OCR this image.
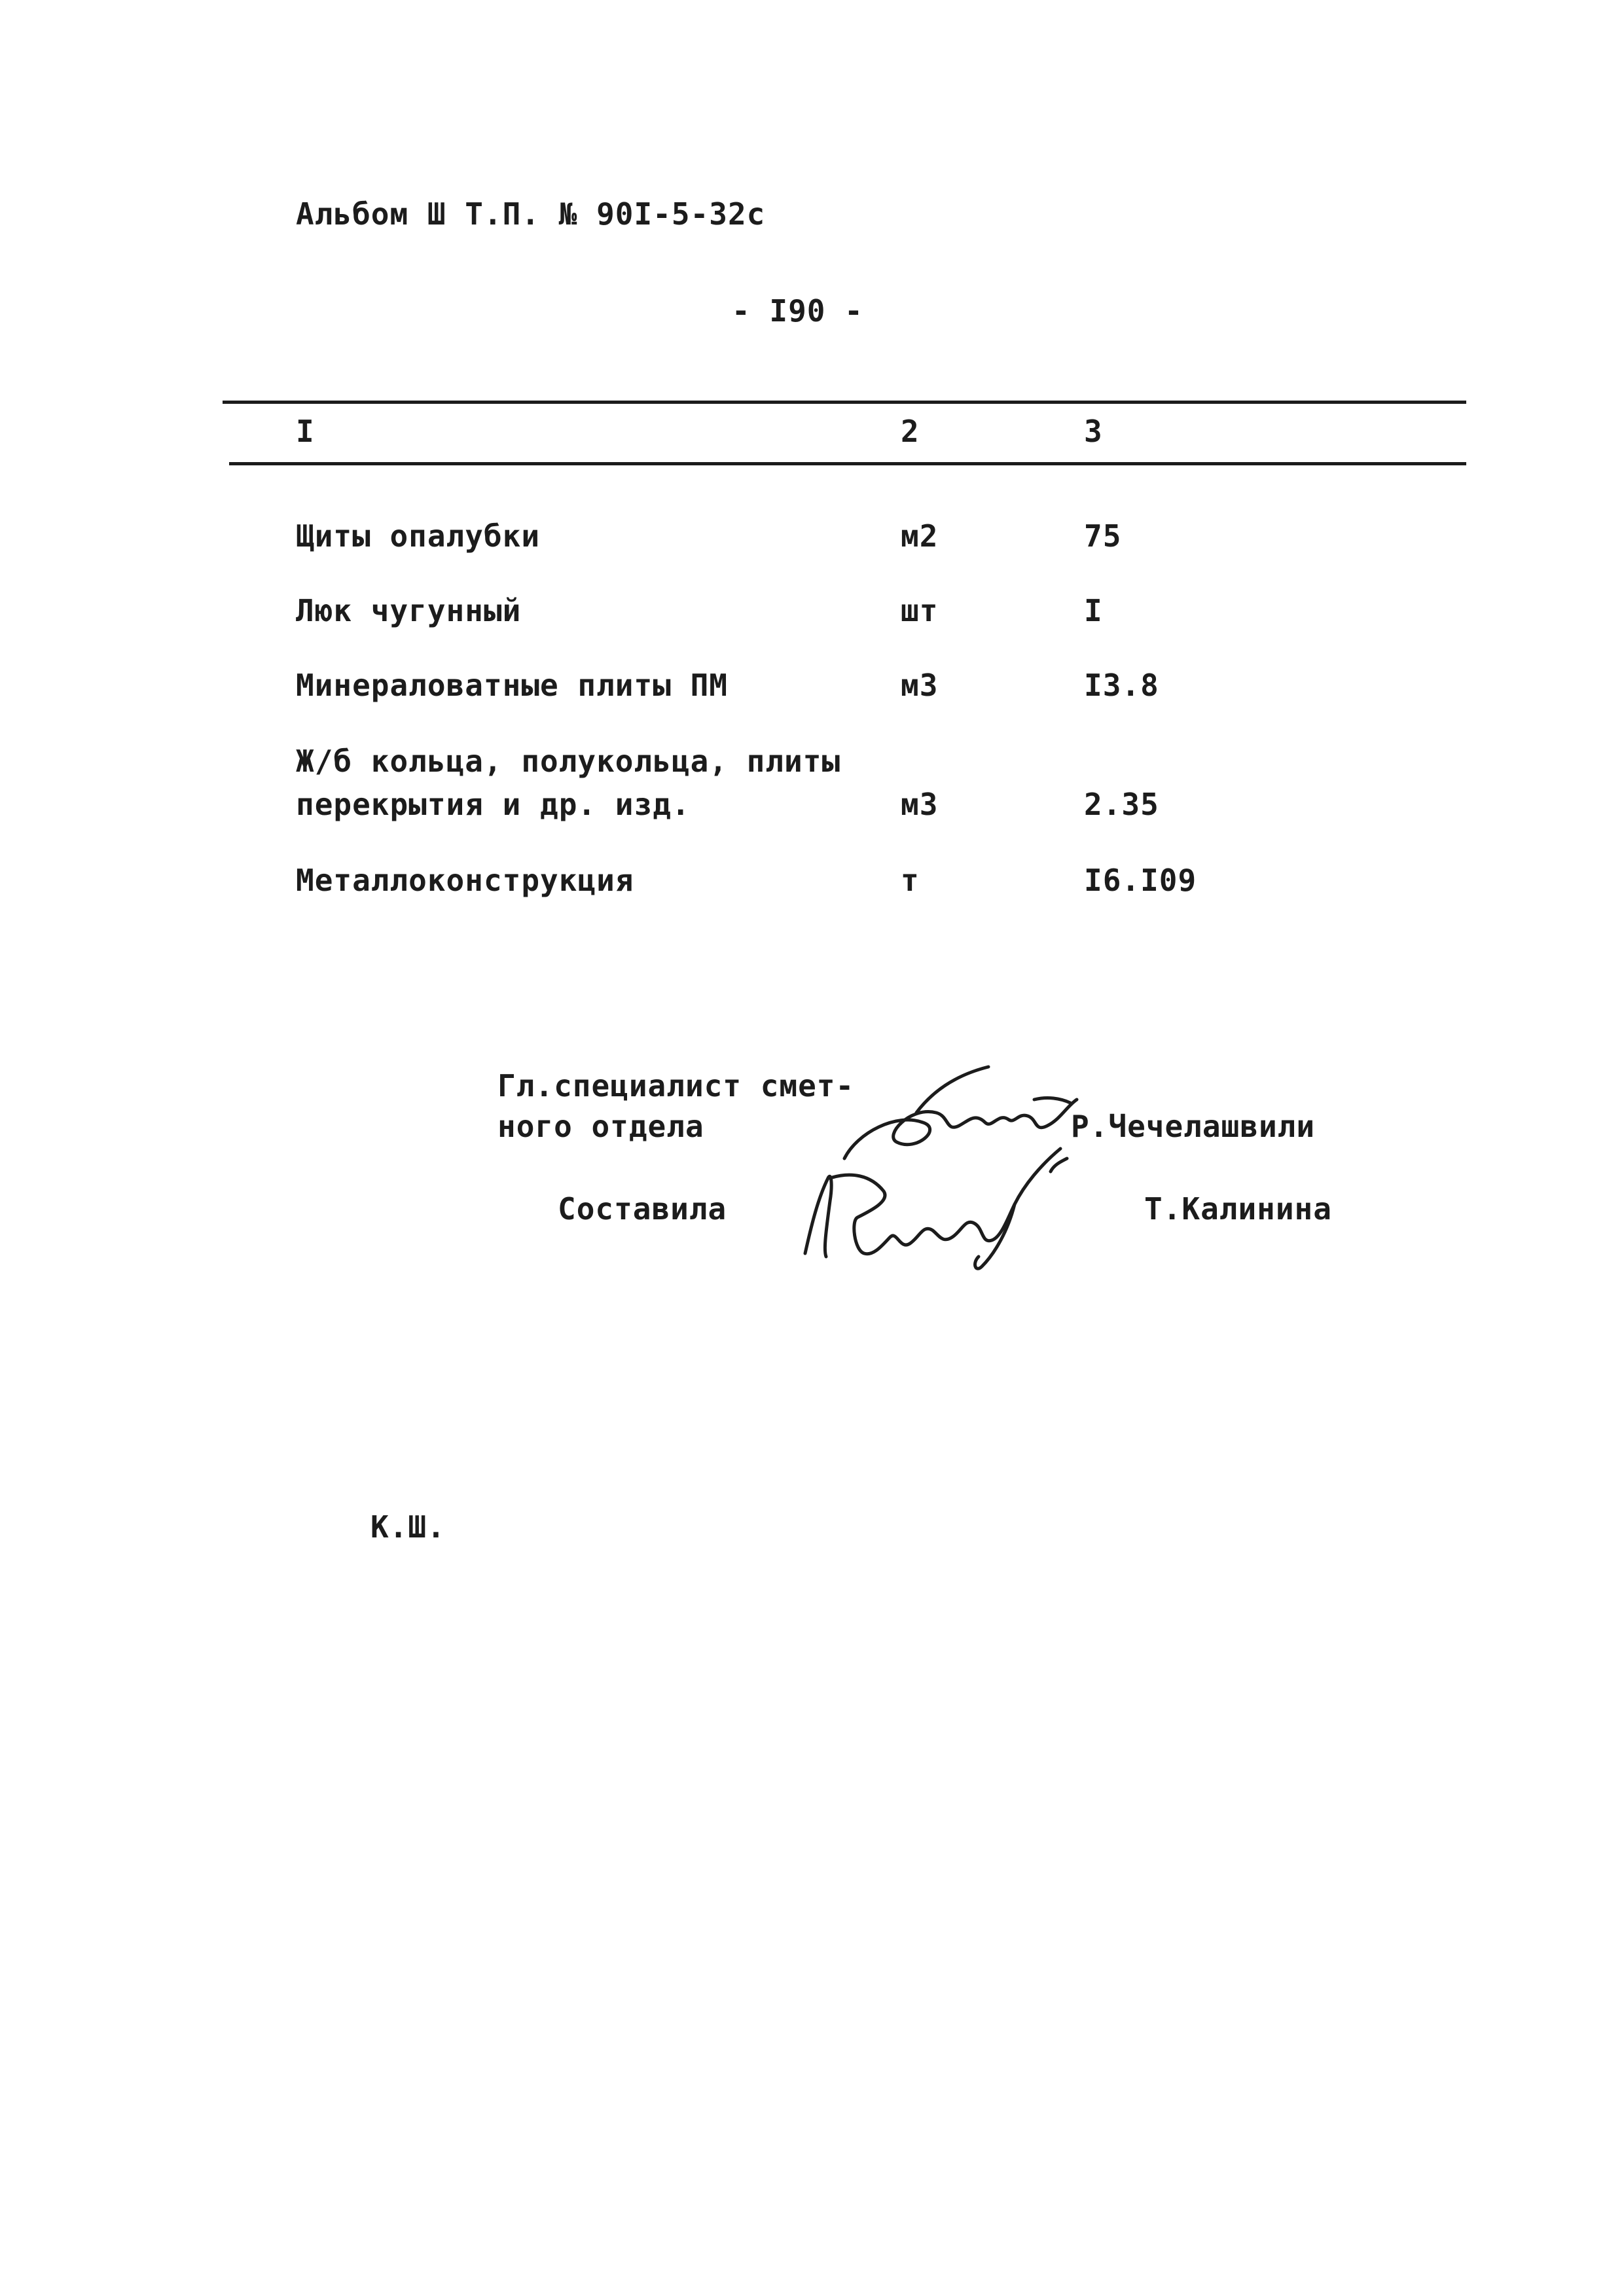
Альбом Ш Т.П. № 90I-5-32с
- I90 -
I	2	3
Щиты опалубки	м2	75
Люк чугунный	шт	I
Минераловатные плиты ПМ	м3	I3.8
Ж/б кольца, полукольца, плиты
перекрытия и др. изд.	м3	2.35
Металлоконструкция	т	I6.I09
Гл.специалист смет-
ного отдела	Р.Чечелашвили
Составила	Т.Калинина
К.Ш.
